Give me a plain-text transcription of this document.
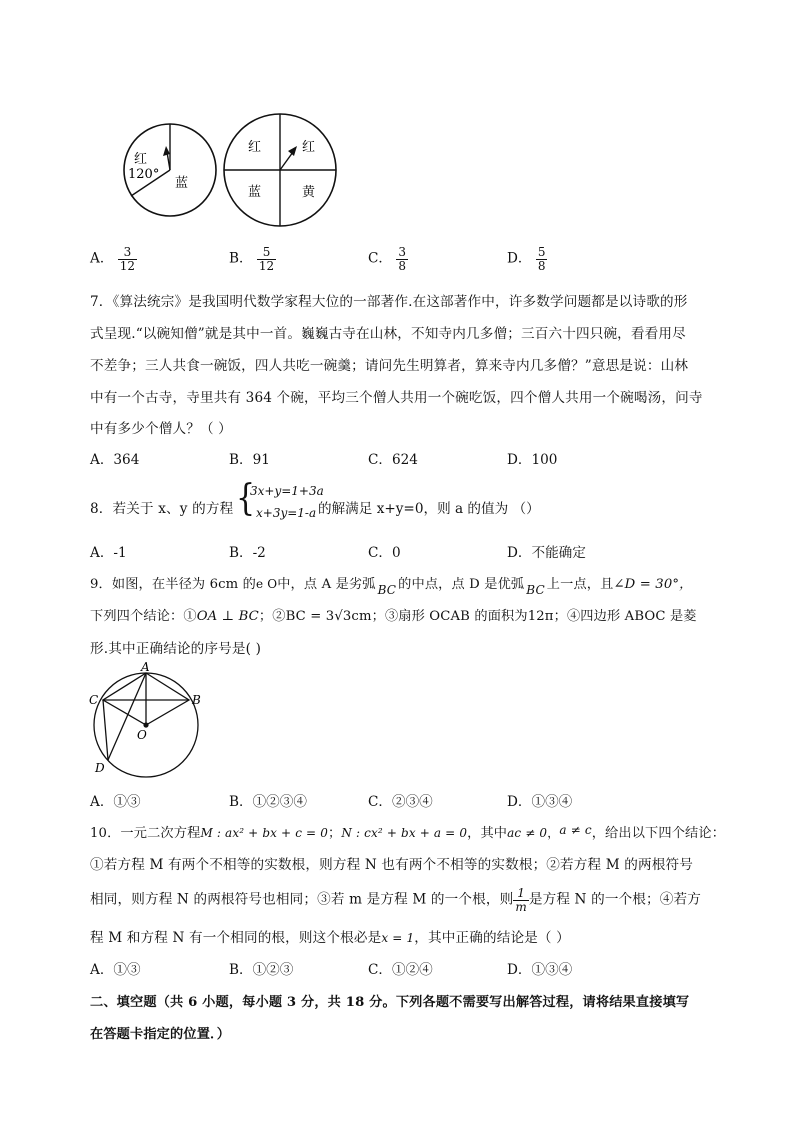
红
120°
蓝
红	红
蓝	黄
A． $\frac{3}{12}$	B． $\frac{5}{12}$	C． $\frac{3}{8}$	D． $\frac{5}{8}$
7．《算法统宗》是我国明代数学家程大位的一部著作.在这部著作中，许多数学问题都是以诗歌的形
式呈现.“以碗知僧”就是其中一首。巍巍古寺在山林，不知寺内几多僧；三百六十四只碗，看看用尽
不差争；三人共食一碗饭，四人共吃一碗羹；请问先生明算者，算来寺内几多僧？”意思是说：山林
中有一个古寺，寺里共有 364 个碗，平均三个僧人共用一个碗吃饭，四个僧人共用一个碗喝汤，问寺
中有多少个僧人？（ ）
A．364	B．91	C．624	D．100
8．若关于 x、y 的方程 {
3x+y=1+3a
x+3y=1-a 的解满足 x+y=0，则 a 的值为 （）
A．-1	B．-2	C．0	D．不能确定
9．如图，在半径为 6cm 的e O中，点 A 是劣弧 BC 的中点，点 D 是优弧 BC 上一点，且∠D = 30°，
下列四个结论：①OA ⊥ BC；②BC = 3√3cm；③扇形 OCAB 的面积为12π；④四边形 ABOC 是菱
形.其中正确结论的序号是( )
A
B
C
O
D
A．①③	B．①②③④	C．②③④	D．①③④
10．一元二次方程M : ax² + bx + c = 0；N : cx² + bx + a = 0，其中ac ≠ 0，a ≠ c，给出以下四个结论：
①若方程 M 有两个不相等的实数根，则方程 N 也有两个不相等的实数根；②若方程 M 的两根符号
相同，则方程 N 的两根符号也相同；③若 m 是方程 M 的一个根，则 $\frac{1}{m}$ 是方程 N 的一个根；④若方
程 M 和方程 N 有一个相同的根，则这个根必是x = 1，其中正确的结论是（ ）
A．①③	B．①②③	C．①②④	D．①③④
二、填空题（共 6 小题，每小题 3 分，共 18 分。下列各题不需要写出解答过程，请将结果直接填写
在答题卡指定的位置．）
